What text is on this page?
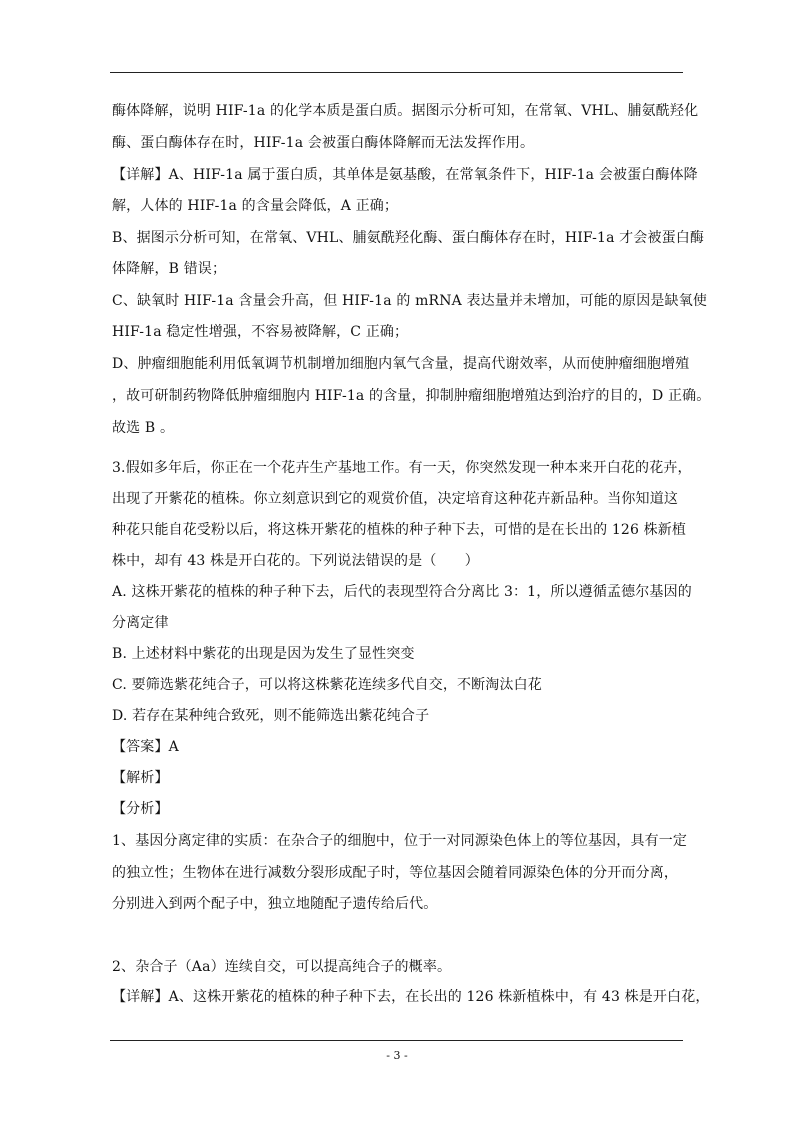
酶体降解，说明 HIF-1a 的化学本质是蛋白质。据图示分析可知，在常氧、VHL、脯氨酰羟化
酶、蛋白酶体存在时，HIF-1a 会被蛋白酶体降解而无法发挥作用。
【详解】A、HIF-1a 属于蛋白质，其单体是氨基酸，在常氧条件下，HIF-1a 会被蛋白酶体降
解，人体的 HIF-1a 的含量会降低，A 正确；
B、据图示分析可知，在常氧、VHL、脯氨酰羟化酶、蛋白酶体存在时，HIF-1a 才会被蛋白酶
体降解，B 错误；
C、缺氧时 HIF-1a 含量会升高，但 HIF-1a 的 mRNA 表达量并未增加，可能的原因是缺氧使
HIF-1a 稳定性增强，不容易被降解，C 正确；
D、肿瘤细胞能利用低氧调节机制增加细胞内氧气含量，提高代谢效率，从而使肿瘤细胞增殖
，故可研制药物降低肿瘤细胞内 HIF-1a 的含量，抑制肿瘤细胞增殖达到治疗的目的，D 正确。
故选 B 。
3.假如多年后，你正在一个花卉生产基地工作。有一天，你突然发现一种本来开白花的花卉，
出现了开紫花的植株。你立刻意识到它的观赏价值，决定培育这种花卉新品种。当你知道这
种花只能自花受粉以后，将这株开紫花的植株的种子种下去，可惜的是在长出的 126 株新植
株中，却有 43 株是开白花的。下列说法错误的是（　　）
A. 这株开紫花的植株的种子种下去，后代的表现型符合分离比 3：1，所以遵循孟德尔基因的
分离定律
B. 上述材料中紫花的出现是因为发生了显性突变
C. 要筛选紫花纯合子，可以将这株紫花连续多代自交，不断淘汰白花
D. 若存在某种纯合致死，则不能筛选出紫花纯合子
【答案】A
【解析】
【分析】
1、基因分离定律的实质：在杂合子的细胞中，位于一对同源染色体上的等位基因，具有一定
的独立性；生物体在进行减数分裂形成配子时，等位基因会随着同源染色体的分开而分离，
分别进入到两个配子中，独立地随配子遗传给后代。
2、杂合子（Aa）连续自交，可以提高纯合子的概率。
【详解】A、这株开紫花的植株的种子种下去，在长出的 126 株新植株中，有 43 株是开白花，
- 3 -
